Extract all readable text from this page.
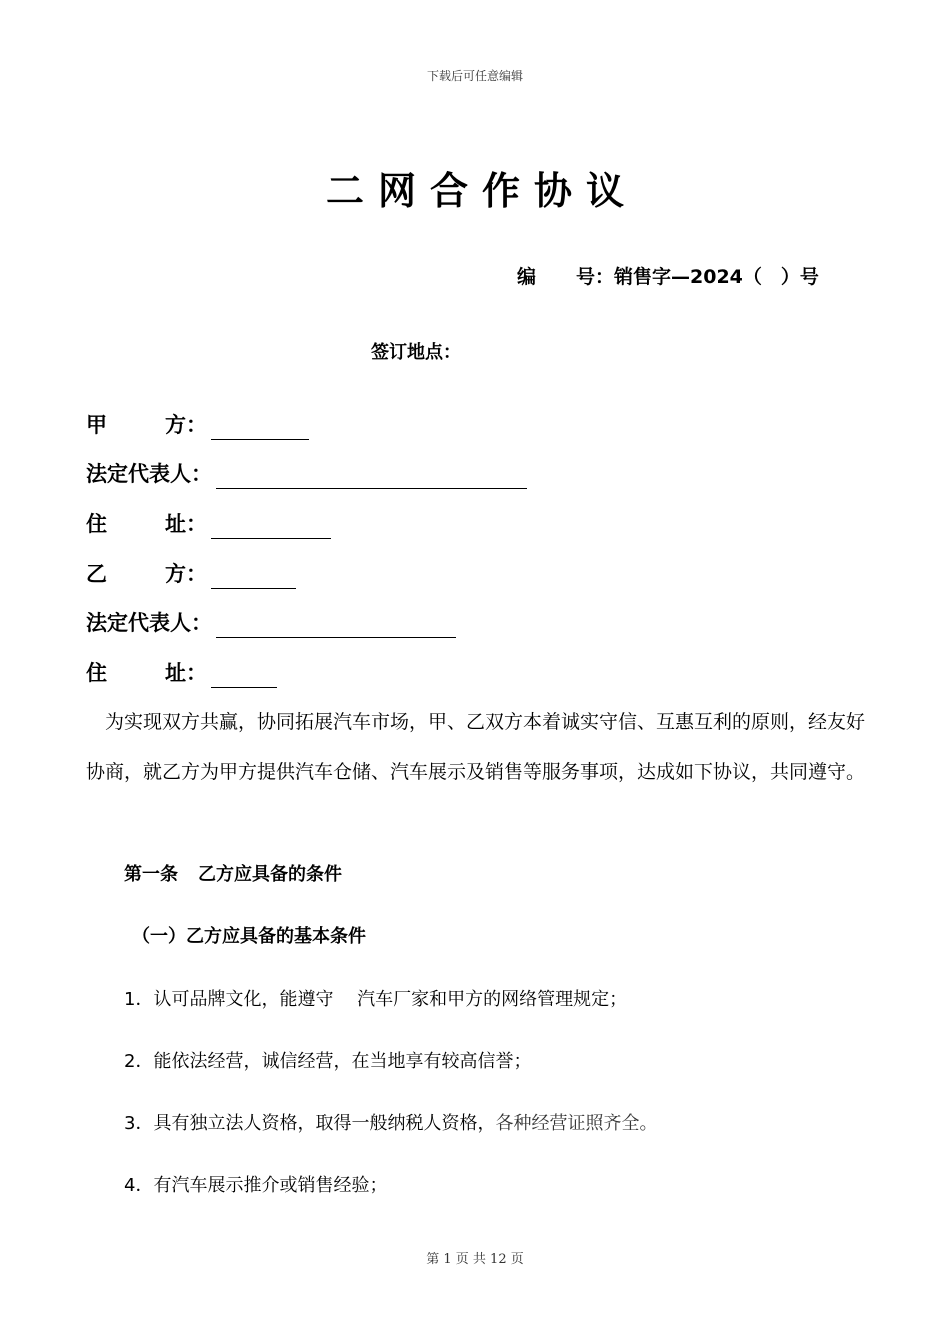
下载后可任意编辑
二网合作协议
编 号：销售字—2024（　）号
签订地点：
甲	方：
法定代表人：
住	址：
乙	方：
法定代表人：
住	址：
为实现双方共赢，协同拓展汽车市场，甲、乙双方本着诚实守信、互惠互利的原则，经友好协商，就乙方为甲方提供汽车仓储、汽车展示及销售等服务事项，达成如下协议，共同遵守。
第一条 乙方应具备的条件
（一）乙方应具备的基本条件
1．认可品牌文化，能遵守　 汽车厂家和甲方的网络管理规定；
2．能依法经营，诚信经营，在当地享有较高信誉；
3．具有独立法人资格，取得一般纳税人资格，各种经营证照齐全。
4．有汽车展示推介或销售经验；
第 1 页 共 12 页
